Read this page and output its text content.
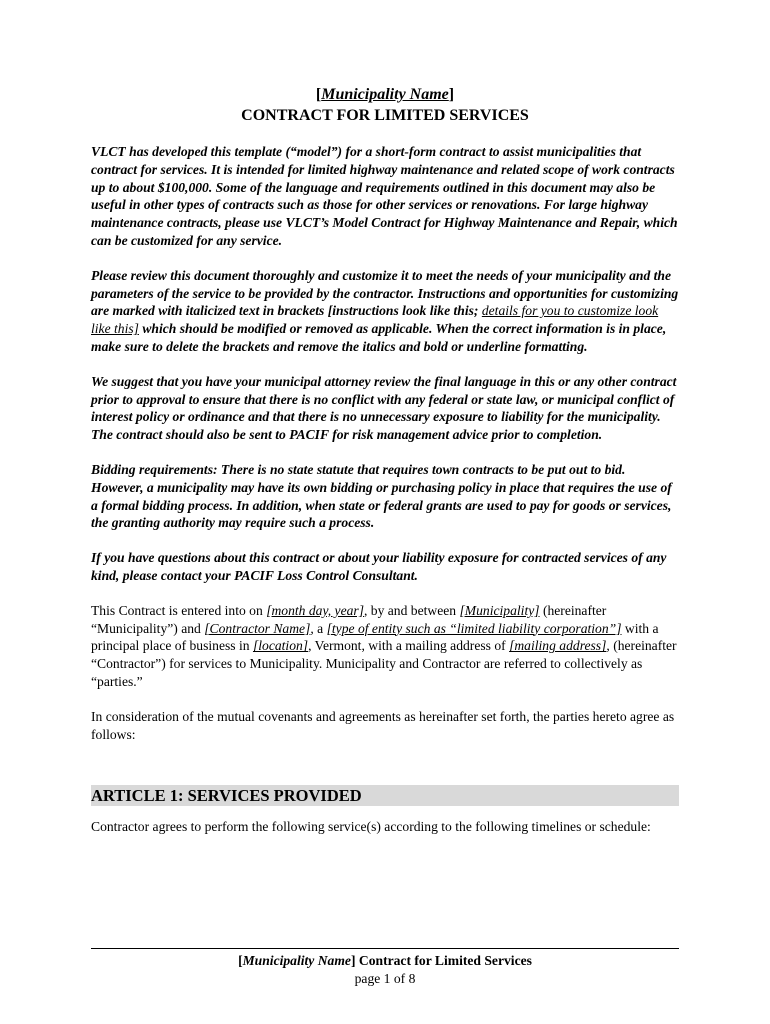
[Municipality Name]
CONTRACT FOR LIMITED SERVICES

VLCT has developed this template (“model”) for a short-form contract to assist municipalities that contract for services. It is intended for limited highway maintenance and related scope of work contracts up to about $100,000. Some of the language and requirements outlined in this document may also be useful in other types of contracts such as those for other services or renovations. For large highway maintenance contracts, please use VLCT’s Model Contract for Highway Maintenance and Repair, which can be customized for any service.

Please review this document thoroughly and customize it to meet the needs of your municipality and the parameters of the service to be provided by the contractor. Instructions and opportunities for customizing are marked with italicized text in brackets [instructions look like this; details for you to customize look like this] which should be modified or removed as applicable. When the correct information is in place, make sure to delete the brackets and remove the italics and bold or underline formatting.

We suggest that you have your municipal attorney review the final language in this or any other contract prior to approval to ensure that there is no conflict with any federal or state law, or municipal conflict of interest policy or ordinance and that there is no unnecessary exposure to liability for the municipality. The contract should also be sent to PACIF for risk management advice prior to completion.

Bidding requirements: There is no state statute that requires town contracts to be put out to bid. However, a municipality may have its own bidding or purchasing policy in place that requires the use of a formal bidding process. In addition, when state or federal grants are used to pay for goods or services, the granting authority may require such a process.

If you have questions about this contract or about your liability exposure for contracted services of any kind, please contact your PACIF Loss Control Consultant.

This Contract is entered into on [month day, year], by and between [Municipality] (hereinafter “Municipality”) and [Contractor Name], a [type of entity such as “limited liability corporation”] with a principal place of business in [location], Vermont, with a mailing address of [mailing address], (hereinafter “Contractor”) for services to Municipality. Municipality and Contractor are referred to collectively as “parties.”

In consideration of the mutual covenants and agreements as hereinafter set forth, the parties hereto agree as follows:

ARTICLE 1: SERVICES PROVIDED

Contractor agrees to perform the following service(s) according to the following timelines or schedule:

[Municipality Name] Contract for Limited Services
page 1 of 8
